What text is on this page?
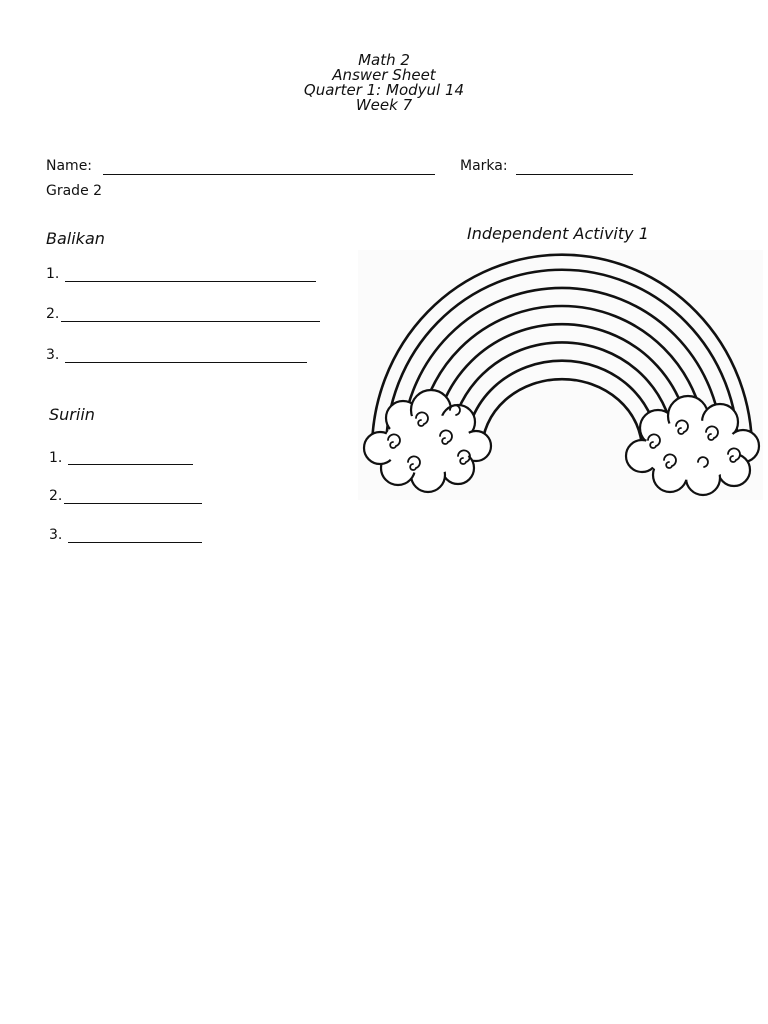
Math 2
Answer Sheet
Quarter 1: Modyul 14
Week 7
Name:	Marka:
Grade 2
Balikan
1.
2.
3.
Suriin
1.
2.
3.
Independent Activity 1
